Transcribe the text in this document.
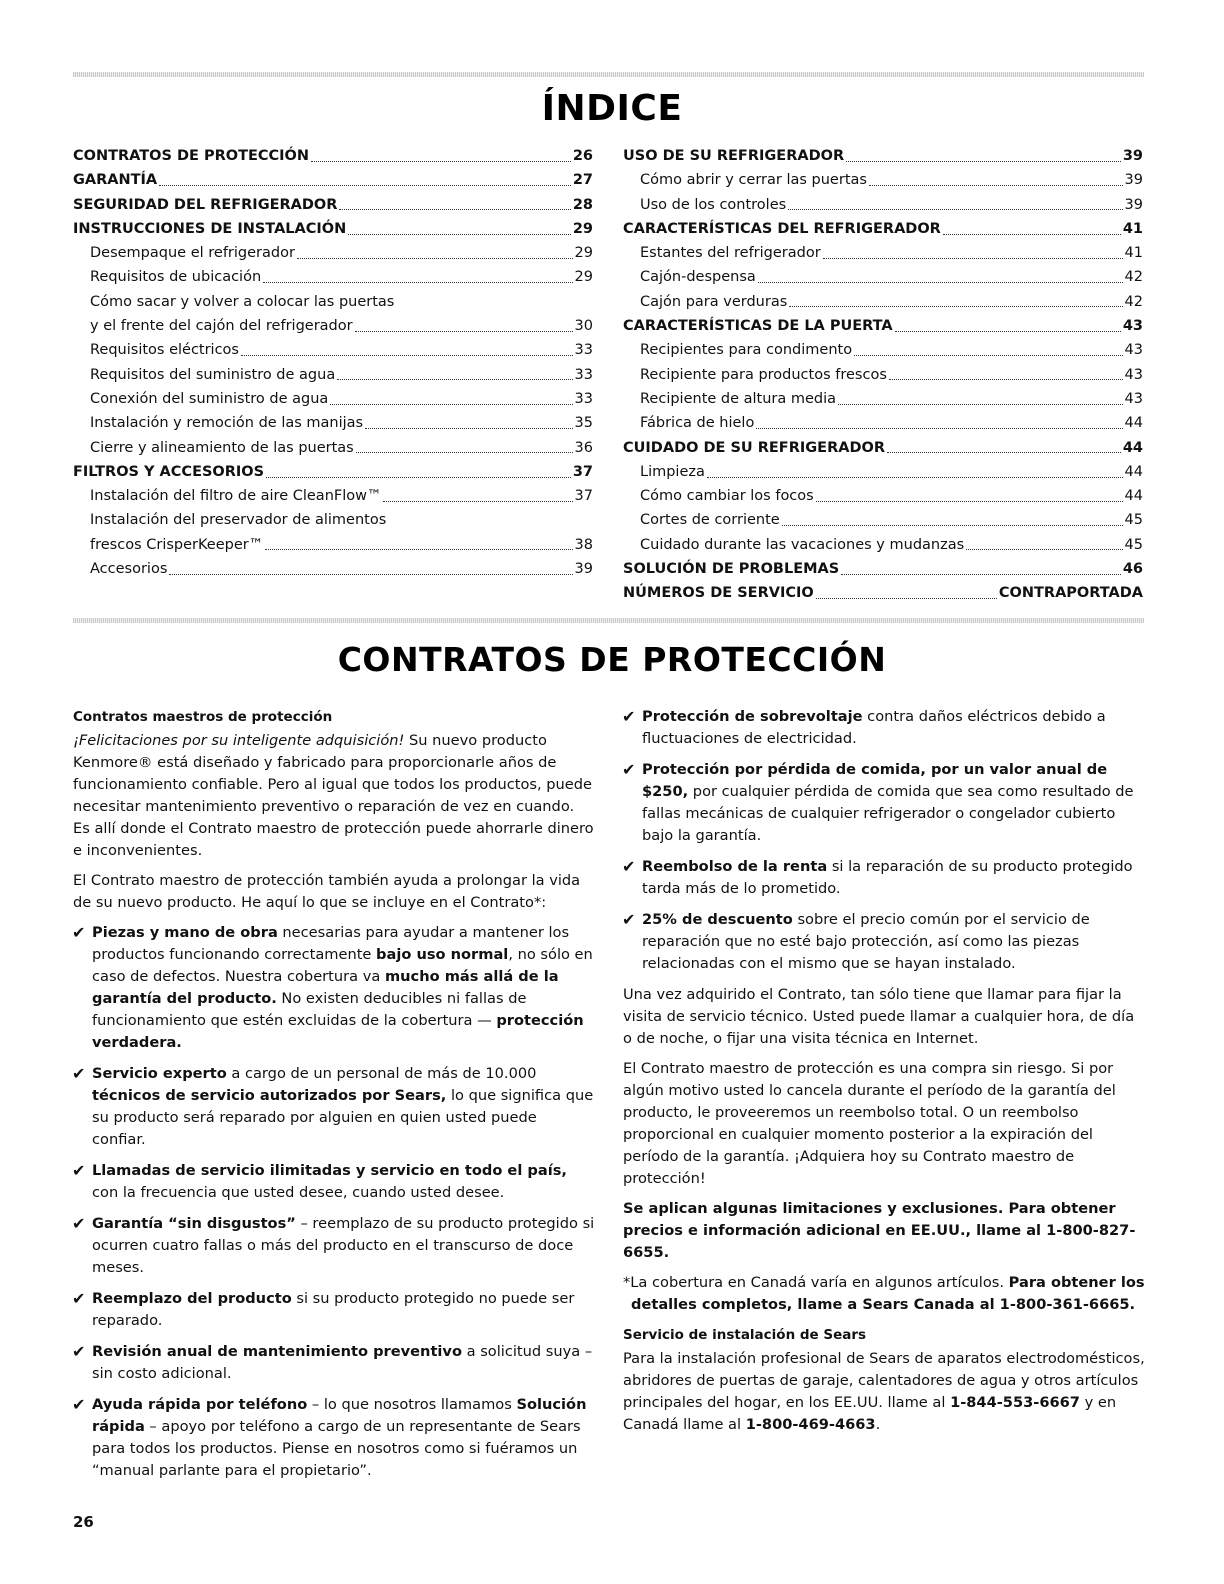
ÍNDICE
CONTRATOS DE PROTECCIÓN	26
GARANTÍA	27
SEGURIDAD DEL REFRIGERADOR	28
INSTRUCCIONES DE INSTALACIÓN	29
Desempaque el refrigerador	29
Requisitos de ubicación	29
Cómo sacar y volver a colocar las puertas
y el frente del cajón del refrigerador	30
Requisitos eléctricos	33
Requisitos del suministro de agua	33
Conexión del suministro de agua	33
Instalación y remoción de las manijas	35
Cierre y alineamiento de las puertas	36
FILTROS Y ACCESORIOS	37
Instalación del filtro de aire CleanFlow™	37
Instalación del preservador de alimentos
frescos CrisperKeeper™	38
Accesorios	39
USO DE SU REFRIGERADOR	39
Cómo abrir y cerrar las puertas	39
Uso de los controles	39
CARACTERÍSTICAS DEL REFRIGERADOR	41
Estantes del refrigerador	41
Cajón-despensa	42
Cajón para verduras	42
CARACTERÍSTICAS DE LA PUERTA	43
Recipientes para condimento	43
Recipiente para productos frescos	43
Recipiente de altura media	43
Fábrica de hielo	44
CUIDADO DE SU REFRIGERADOR	44
Limpieza	44
Cómo cambiar los focos	44
Cortes de corriente	45
Cuidado durante las vacaciones y mudanzas	45
SOLUCIÓN DE PROBLEMAS	46
NÚMEROS DE SERVICIO	CONTRAPORTADA
CONTRATOS DE PROTECCIÓN

Contratos maestros de protección

¡Felicitaciones por su inteligente adquisición! Su nuevo producto Kenmore® está diseñado y fabricado para proporcionarle años de funcionamiento confiable. Pero al igual que todos los productos, puede necesitar mantenimiento preventivo o reparación de vez en cuando. Es allí donde el Contrato maestro de protección puede ahorrarle dinero e inconvenientes.

El Contrato maestro de protección también ayuda a prolongar la vida de su nuevo producto. He aquí lo que se incluye en el Contrato*:

✔ Piezas y mano de obra necesarias para ayudar a mantener los productos funcionando correctamente bajo uso normal, no sólo en caso de defectos. Nuestra cobertura va mucho más allá de la garantía del producto. No existen deducibles ni fallas de funcionamiento que estén excluidas de la cobertura — protección verdadera.
✔ Servicio experto a cargo de un personal de más de 10.000 técnicos de servicio autorizados por Sears, lo que significa que su producto será reparado por alguien en quien usted puede confiar.
✔ Llamadas de servicio ilimitadas y servicio en todo el país, con la frecuencia que usted desee, cuando usted desee.
✔ Garantía “sin disgustos” – reemplazo de su producto protegido si ocurren cuatro fallas o más del producto en el transcurso de doce meses.
✔ Reemplazo del producto si su producto protegido no puede ser reparado.
✔ Revisión anual de mantenimiento preventivo a solicitud suya – sin costo adicional.
✔ Ayuda rápida por teléfono – lo que nosotros llamamos Solución rápida – apoyo por teléfono a cargo de un representante de Sears para todos los productos. Piense en nosotros como si fuéramos un “manual parlante para el propietario”.
✔ Protección de sobrevoltaje contra daños eléctricos debido a fluctuaciones de electricidad.
✔ Protección por pérdida de comida, por un valor anual de $250, por cualquier pérdida de comida que sea como resultado de fallas mecánicas de cualquier refrigerador o congelador cubierto bajo la garantía.
✔ Reembolso de la renta si la reparación de su producto protegido tarda más de lo prometido.
✔ 25% de descuento sobre el precio común por el servicio de reparación que no esté bajo protección, así como las piezas relacionadas con el mismo que se hayan instalado.

Una vez adquirido el Contrato, tan sólo tiene que llamar para fijar la visita de servicio técnico. Usted puede llamar a cualquier hora, de día o de noche, o fijar una visita técnica en Internet.

El Contrato maestro de protección es una compra sin riesgo. Si por algún motivo usted lo cancela durante el período de la garantía del producto, le proveeremos un reembolso total. O un reembolso proporcional en cualquier momento posterior a la expiración del período de la garantía. ¡Adquiera hoy su Contrato maestro de protección!

Se aplican algunas limitaciones y exclusiones. Para obtener precios e información adicional en EE.UU., llame al 1-800-827-6655.

*La cobertura en Canadá varía en algunos artículos. Para obtener los detalles completos, llame a Sears Canada al 1-800-361-6665.

Servicio de instalación de Sears

Para la instalación profesional de Sears de aparatos electrodomésticos, abridores de puertas de garaje, calentadores de agua y otros artículos principales del hogar, en los EE.UU. llame al 1-844-553-6667 y en Canadá llame al 1-800-469-4663.

26
